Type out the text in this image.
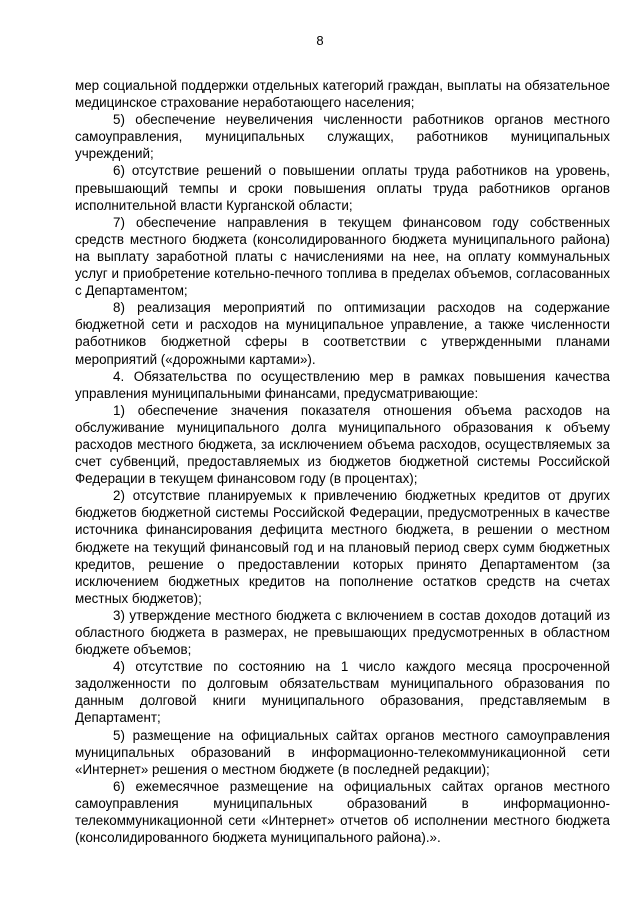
8

мер социальной поддержки отдельных категорий граждан, выплаты на обязательное медицинское страхование неработающего населения;

5) обеспечение неувеличения численности работников органов местного самоуправления, муниципальных служащих, работников муниципальных учреждений;

6) отсутствие решений о повышении оплаты труда работников на уровень, превышающий темпы и сроки повышения оплаты труда работников органов исполнительной власти Курганской области;

7) обеспечение направления в текущем финансовом году собственных средств местного бюджета (консолидированного бюджета муниципального района) на выплату заработной платы с начислениями на нее, на оплату коммунальных услуг и приобретение котельно-печного топлива в пределах объемов, согласованных с Департаментом;

8) реализация мероприятий по оптимизации расходов на содержание бюджетной сети и расходов на муниципальное управление, а также численности работников бюджетной сферы в соответствии с утвержденными планами мероприятий («дорожными картами»).

4. Обязательства по осуществлению мер в рамках повышения качества управления муниципальными финансами, предусматривающие:

1) обеспечение значения показателя отношения объема расходов на обслуживание муниципального долга муниципального образования к объему расходов местного бюджета, за исключением объема расходов, осуществляемых за счет субвенций, предоставляемых из бюджетов бюджетной системы Российской Федерации в текущем финансовом году (в процентах);

2) отсутствие планируемых к привлечению бюджетных кредитов от других бюджетов бюджетной системы Российской Федерации, предусмотренных в качестве источника финансирования дефицита местного бюджета, в решении о местном бюджете на текущий финансовый год и на плановый период сверх сумм бюджетных кредитов, решение о предоставлении которых принято Департаментом (за исключением бюджетных кредитов на пополнение остатков средств на счетах местных бюджетов);

3) утверждение местного бюджета с включением в состав доходов дотаций из областного бюджета в размерах, не превышающих предусмотренных в областном бюджете объемов;

4) отсутствие по состоянию на 1 число каждого месяца просроченной задолженности по долговым обязательствам муниципального образования по данным долговой книги муниципального образования, представляемым в Департамент;

5) размещение на официальных сайтах органов местного самоуправления муниципальных образований в информационно-телекоммуникационной сети «Интернет» решения о местном бюджете (в последней редакции);

6) ежемесячное размещение на официальных сайтах органов местного самоуправления муниципальных образований в информационно-телекоммуникационной сети «Интернет» отчетов об исполнении местного бюджета (консолидированного бюджета муниципального района).».
